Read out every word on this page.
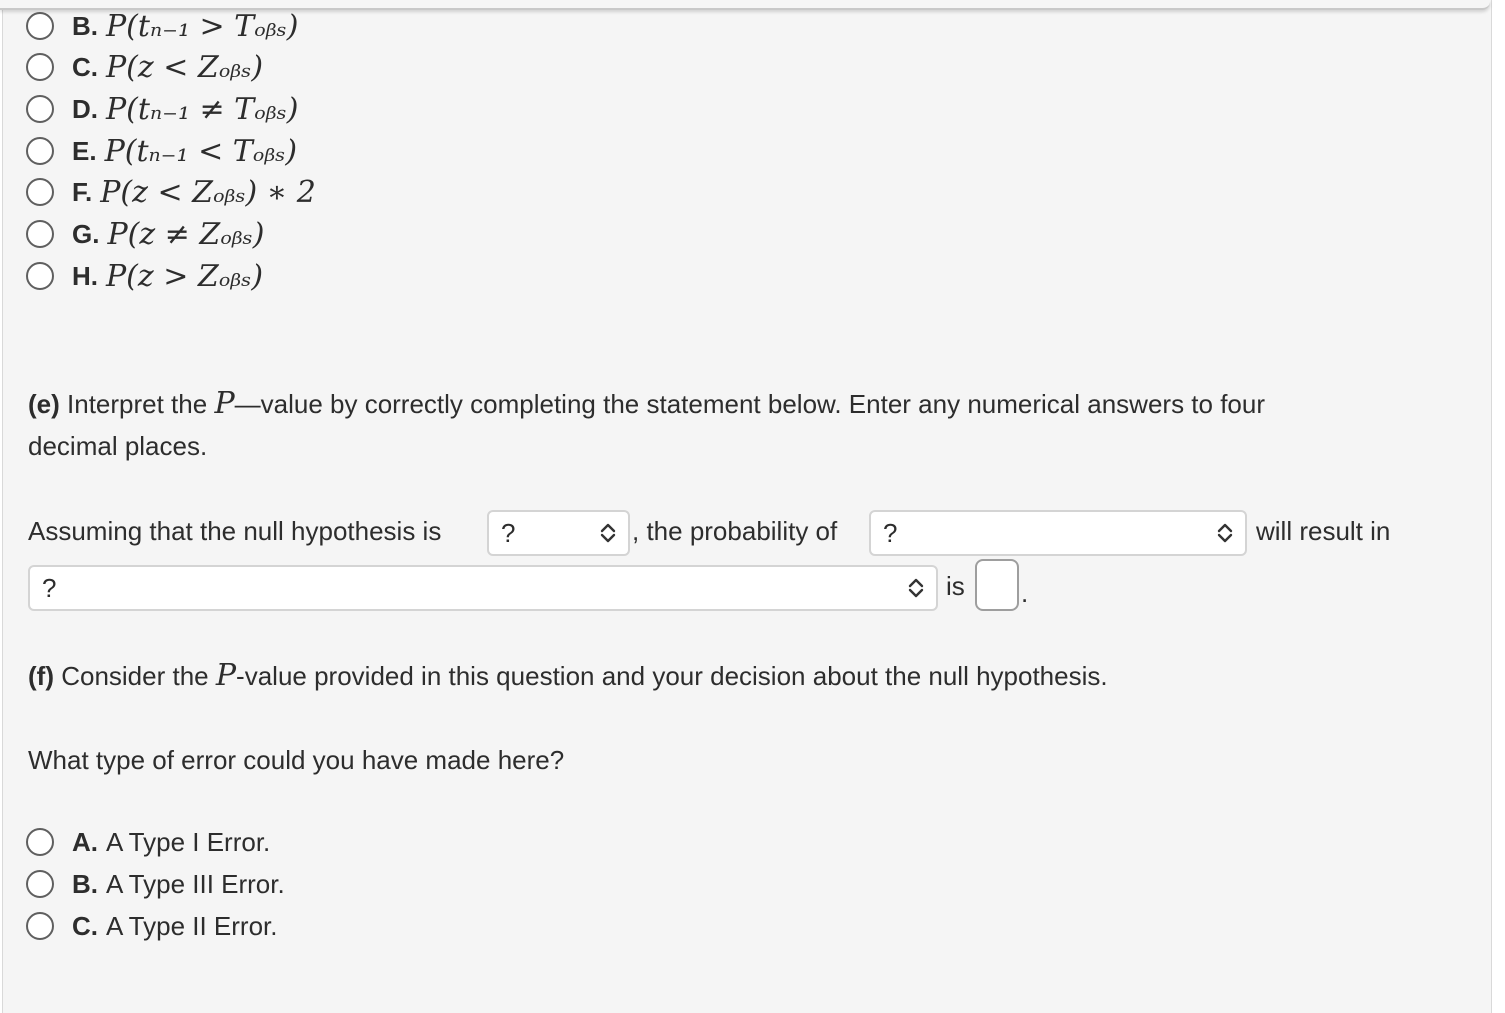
B. P(tₙ₋₁ > Tₒᵦₛ)
C. P(z < Zₒᵦₛ)
D. P(tₙ₋₁ ≠ Tₒᵦₛ)
E. P(tₙ₋₁ < Tₒᵦₛ)
F. P(z < Zₒᵦₛ) ∗ 2
G. P(z ≠ Zₒᵦₛ)
H. P(z > Zₒᵦₛ)
(e) Interpret the P—value by correctly completing the statement below. Enter any numerical answers to four
decimal places.
Assuming that the null hypothesis is	?	, the probability of	?	will result in
?	is .
(f) Consider the P-value provided in this question and your decision about the null hypothesis.
What type of error could you have made here?
A. A Type I Error.
B. A Type III Error.
C. A Type II Error.
